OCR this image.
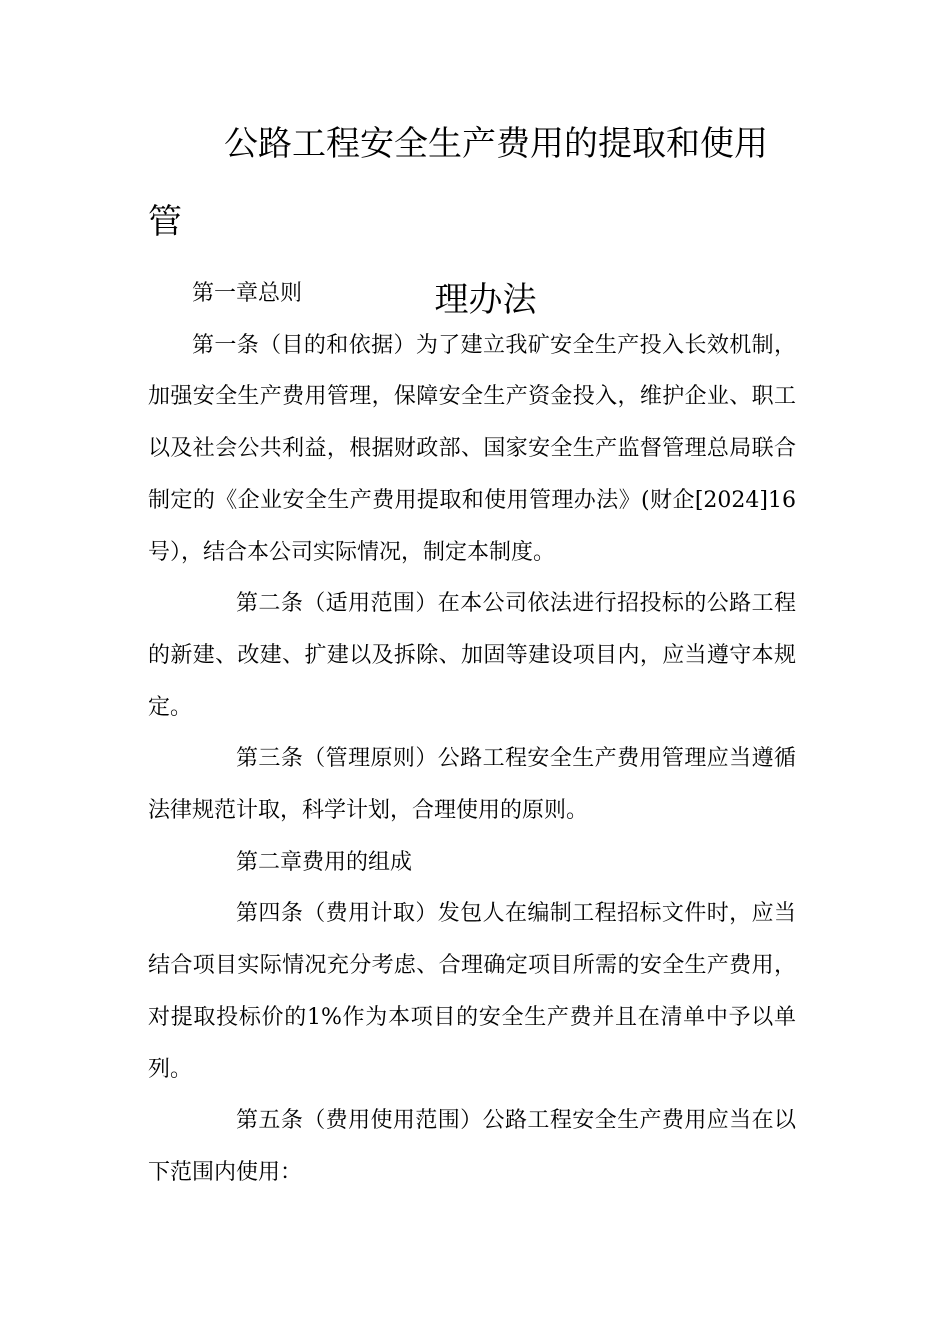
公路工程安全生产费用的提取和使用管
理办法

第一章总则

第一条（目的和依据）为了建立我矿安全生产投入长效机制，加强安全生产费用管理，保障安全生产资金投入，维护企业、职工以及社会公共利益，根据财政部、国家安全生产监督管理总局联合制定的《企业安全生产费用提取和使用管理办法》(财企[2024]16号），结合本公司实际情况，制定本制度。

第二条（适用范围）在本公司依法进行招投标的公路工程的新建、改建、扩建以及拆除、加固等建设项目内，应当遵守本规定。

第三条（管理原则）公路工程安全生产费用管理应当遵循法律规范计取，科学计划，合理使用的原则。

第二章费用的组成

第四条（费用计取）发包人在编制工程招标文件时，应当结合项目实际情况充分考虑、合理确定项目所需的安全生产费用，对提取投标价的1%作为本项目的安全生产费并且在清单中予以单列。

第五条（费用使用范围）公路工程安全生产费用应当在以下范围内使用：
